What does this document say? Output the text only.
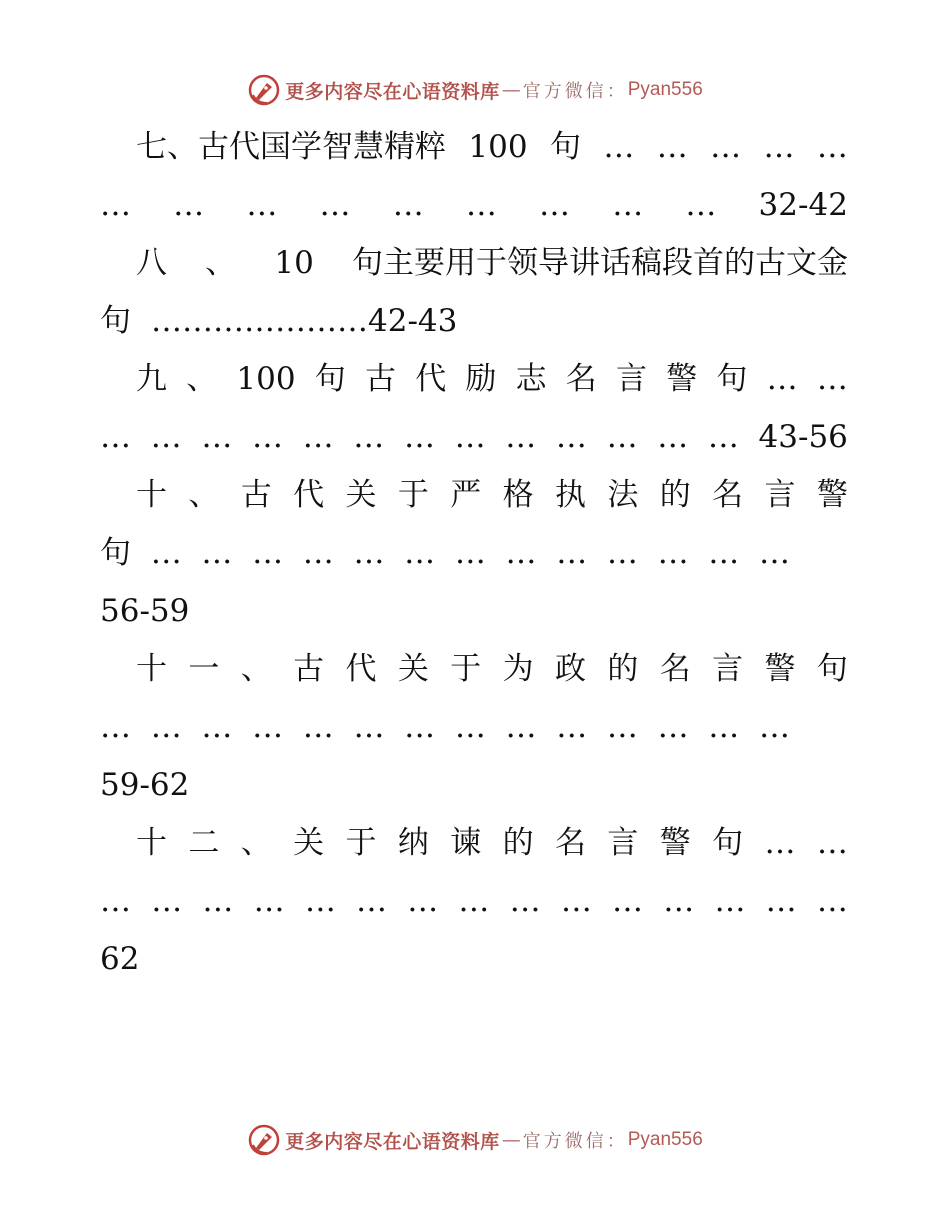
更多内容尽在心语资料库 — 官方微信： Pyan556
七、古代国学智慧精粹 100 句 … … … … …
… … … … … … … … … 32-42
八 、 10 句主要用于领导讲话稿段首的古文金
句 …………………42-43
九 、 100 句 古 代 励 志 名 言 警 句 … …
… … … … … … … … … … … … … 43-56
十 、 古 代 关 于 严 格 执 法 的 名 言 警
句 … … … … … … … … … … … … …
56-59
十 一 、 古 代 关 于 为 政 的 名 言 警 句
… … … … … … … … … … … … … …
59-62
十 二 、 关 于 纳 谏 的 名 言 警 句 … …
… … … … … … … … … … … … … … …
62
更多内容尽在心语资料库 — 官方微信： Pyan556
